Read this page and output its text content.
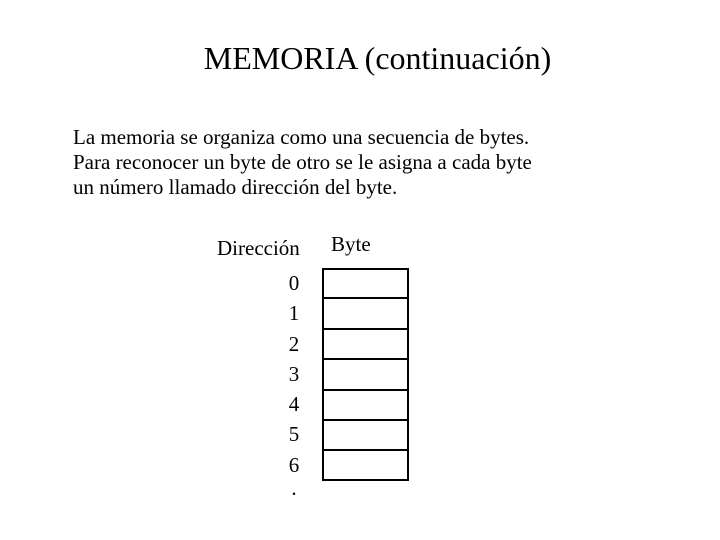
MEMORIA (continuación)
La memoria se organiza como una secuencia de bytes.
Para reconocer un byte de otro se le asigna a cada byte
un número llamado dirección del byte.
Dirección Byte
0
1
2
3
4
5
6
.
